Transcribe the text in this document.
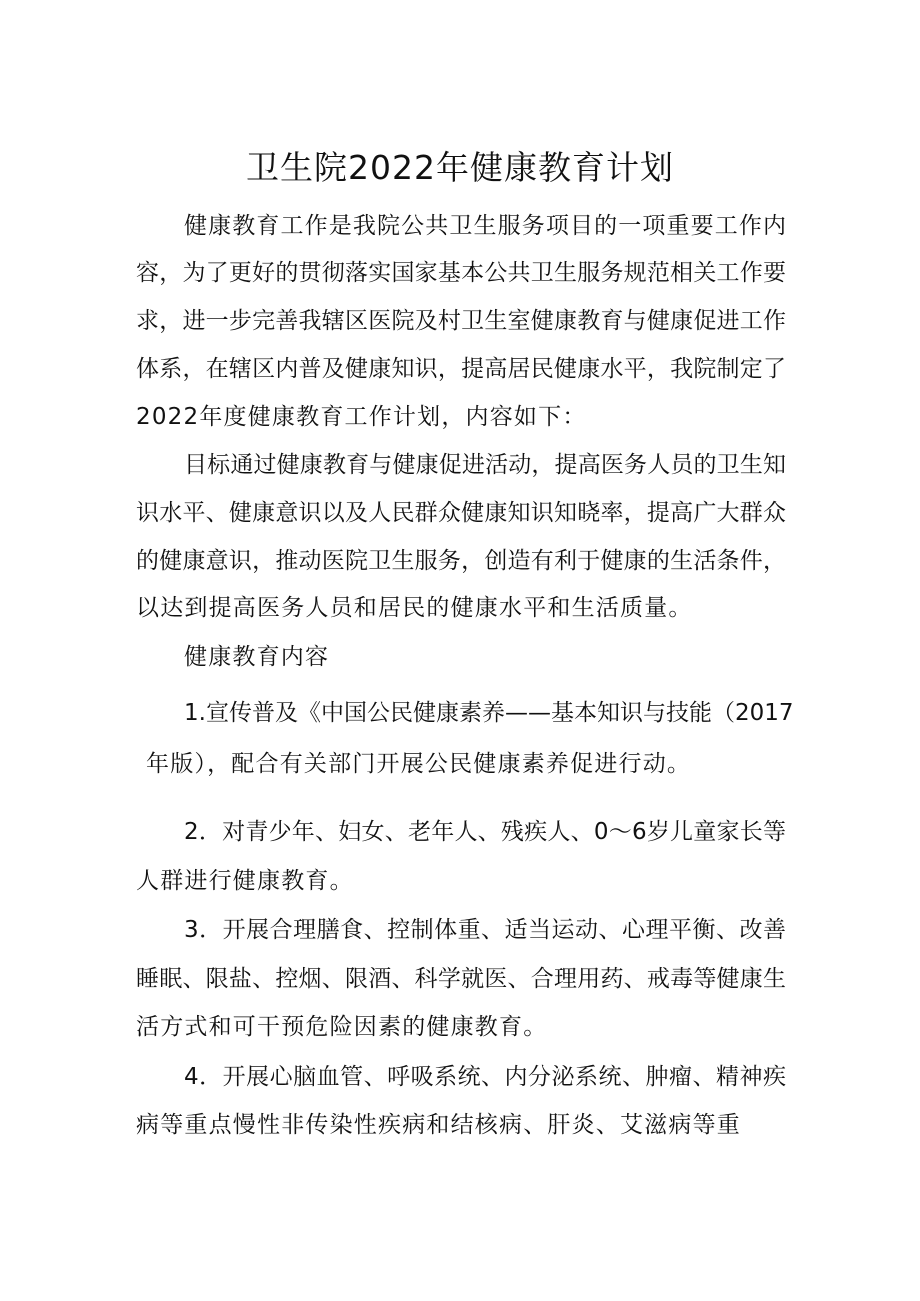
卫生院2022年健康教育计划
健康教育工作是我院公共卫生服务项目的一项重要工作内
容，为了更好的贯彻落实国家基本公共卫生服务规范相关工作要
求，进一步完善我辖区医院及村卫生室健康教育与健康促进工作
体系，在辖区内普及健康知识，提高居民健康水平，我院制定了
2022年度健康教育工作计划，内容如下：
目标通过健康教育与健康促进活动，提高医务人员的卫生知
识水平、健康意识以及人民群众健康知识知晓率，提高广大群众
的健康意识，推动医院卫生服务，创造有利于健康的生活条件，
以达到提高医务人员和居民的健康水平和生活质量。
健康教育内容
1.宣传普及《中国公民健康素养——基本知识与技能（2017
年版），配合有关部门开展公民健康素养促进行动。
2．对青少年、妇女、老年人、残疾人、0～6岁儿童家长等
人群进行健康教育。
3．开展合理膳食、控制体重、适当运动、心理平衡、改善
睡眠、限盐、控烟、限酒、科学就医、合理用药、戒毒等健康生
活方式和可干预危险因素的健康教育。
4．开展心脑血管、呼吸系统、内分泌系统、肿瘤、精神疾
病等重点慢性非传染性疾病和结核病、肝炎、艾滋病等重
